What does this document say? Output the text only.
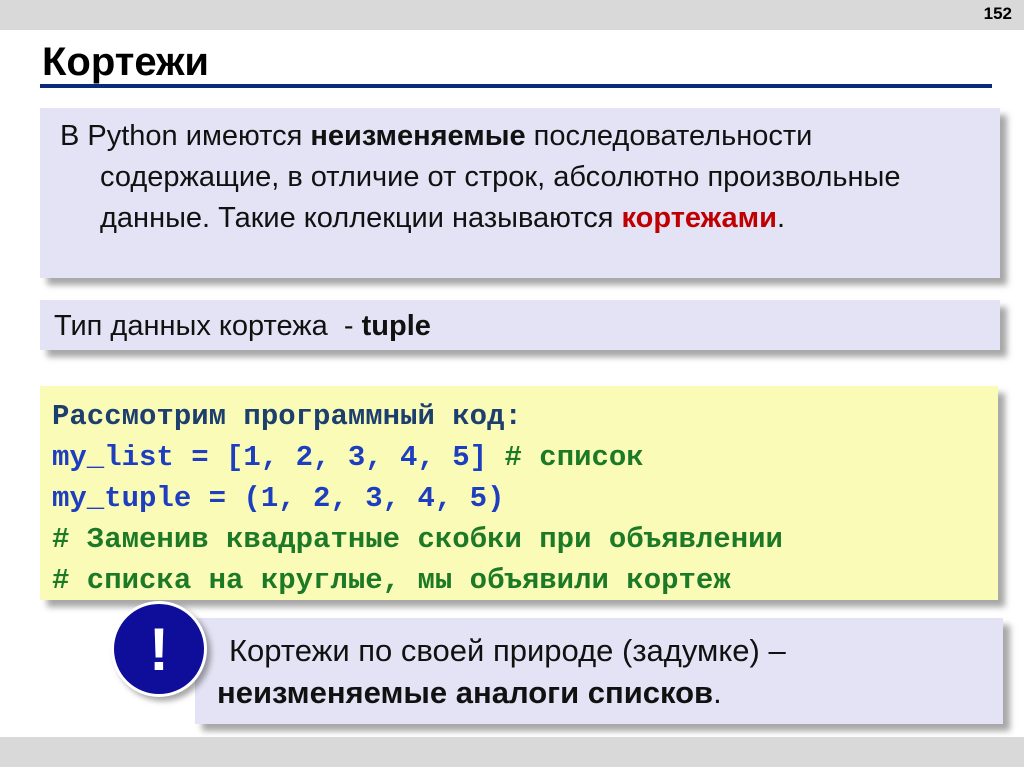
152
Кортежи

В Python имеются неизменяемые последовательности содержащие, в отличие от строк, абсолютно произвольные данные. Такие коллекции называются кортежами.

Тип данных кортежа  - tuple

Рассмотрим программный код:

my_list = [1, 2, 3, 4, 5] # список

my_tuple = (1, 2, 3, 4, 5)

# Заменив квадратные скобки при объявлении

# списка на круглые, мы объявили кортеж

Кортежи по своей природе (задумке) –

неизменяемые аналоги списков.

!
